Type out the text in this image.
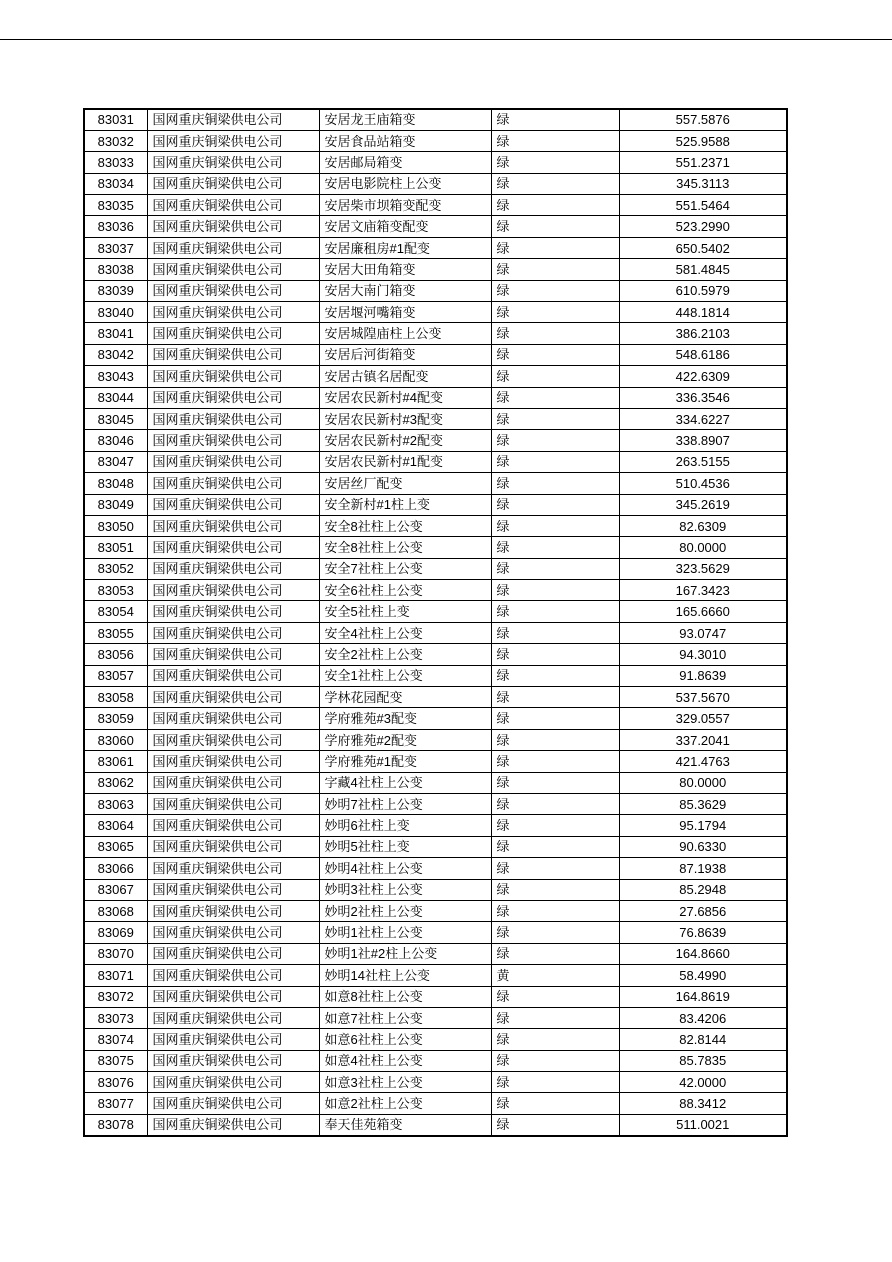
83031	国网重庆铜梁供电公司	安居龙王庙箱变	绿	557.5876
83032	国网重庆铜梁供电公司	安居食品站箱变	绿	525.9588
83033	国网重庆铜梁供电公司	安居邮局箱变	绿	551.2371
83034	国网重庆铜梁供电公司	安居电影院柱上公变	绿	345.3113
83035	国网重庆铜梁供电公司	安居柴市坝箱变配变	绿	551.5464
83036	国网重庆铜梁供电公司	安居文庙箱变配变	绿	523.2990
83037	国网重庆铜梁供电公司	安居廉租房#1配变	绿	650.5402
83038	国网重庆铜梁供电公司	安居大田角箱变	绿	581.4845
83039	国网重庆铜梁供电公司	安居大南门箱变	绿	610.5979
83040	国网重庆铜梁供电公司	安居堰河嘴箱变	绿	448.1814
83041	国网重庆铜梁供电公司	安居城隍庙柱上公变	绿	386.2103
83042	国网重庆铜梁供电公司	安居后河街箱变	绿	548.6186
83043	国网重庆铜梁供电公司	安居古镇名居配变	绿	422.6309
83044	国网重庆铜梁供电公司	安居农民新村#4配变	绿	336.3546
83045	国网重庆铜梁供电公司	安居农民新村#3配变	绿	334.6227
83046	国网重庆铜梁供电公司	安居农民新村#2配变	绿	338.8907
83047	国网重庆铜梁供电公司	安居农民新村#1配变	绿	263.5155
83048	国网重庆铜梁供电公司	安居丝厂配变	绿	510.4536
83049	国网重庆铜梁供电公司	安全新村#1柱上变	绿	345.2619
83050	国网重庆铜梁供电公司	安全8社柱上公变	绿	82.6309
83051	国网重庆铜梁供电公司	安全8社柱上公变	绿	80.0000
83052	国网重庆铜梁供电公司	安全7社柱上公变	绿	323.5629
83053	国网重庆铜梁供电公司	安全6社柱上公变	绿	167.3423
83054	国网重庆铜梁供电公司	安全5社柱上变	绿	165.6660
83055	国网重庆铜梁供电公司	安全4社柱上公变	绿	93.0747
83056	国网重庆铜梁供电公司	安全2社柱上公变	绿	94.3010
83057	国网重庆铜梁供电公司	安全1社柱上公变	绿	91.8639
83058	国网重庆铜梁供电公司	学林花园配变	绿	537.5670
83059	国网重庆铜梁供电公司	学府雅苑#3配变	绿	329.0557
83060	国网重庆铜梁供电公司	学府雅苑#2配变	绿	337.2041
83061	国网重庆铜梁供电公司	学府雅苑#1配变	绿	421.4763
83062	国网重庆铜梁供电公司	字藏4社柱上公变	绿	80.0000
83063	国网重庆铜梁供电公司	妙明7社柱上公变	绿	85.3629
83064	国网重庆铜梁供电公司	妙明6社柱上变	绿	95.1794
83065	国网重庆铜梁供电公司	妙明5社柱上变	绿	90.6330
83066	国网重庆铜梁供电公司	妙明4社柱上公变	绿	87.1938
83067	国网重庆铜梁供电公司	妙明3社柱上公变	绿	85.2948
83068	国网重庆铜梁供电公司	妙明2社柱上公变	绿	27.6856
83069	国网重庆铜梁供电公司	妙明1社柱上公变	绿	76.8639
83070	国网重庆铜梁供电公司	妙明1社#2柱上公变	绿	164.8660
83071	国网重庆铜梁供电公司	妙明14社柱上公变	黄	58.4990
83072	国网重庆铜梁供电公司	如意8社柱上公变	绿	164.8619
83073	国网重庆铜梁供电公司	如意7社柱上公变	绿	83.4206
83074	国网重庆铜梁供电公司	如意6社柱上公变	绿	82.8144
83075	国网重庆铜梁供电公司	如意4社柱上公变	绿	85.7835
83076	国网重庆铜梁供电公司	如意3社柱上公变	绿	42.0000
83077	国网重庆铜梁供电公司	如意2社柱上公变	绿	88.3412
83078	国网重庆铜梁供电公司	奉天佳苑箱变	绿	511.0021
